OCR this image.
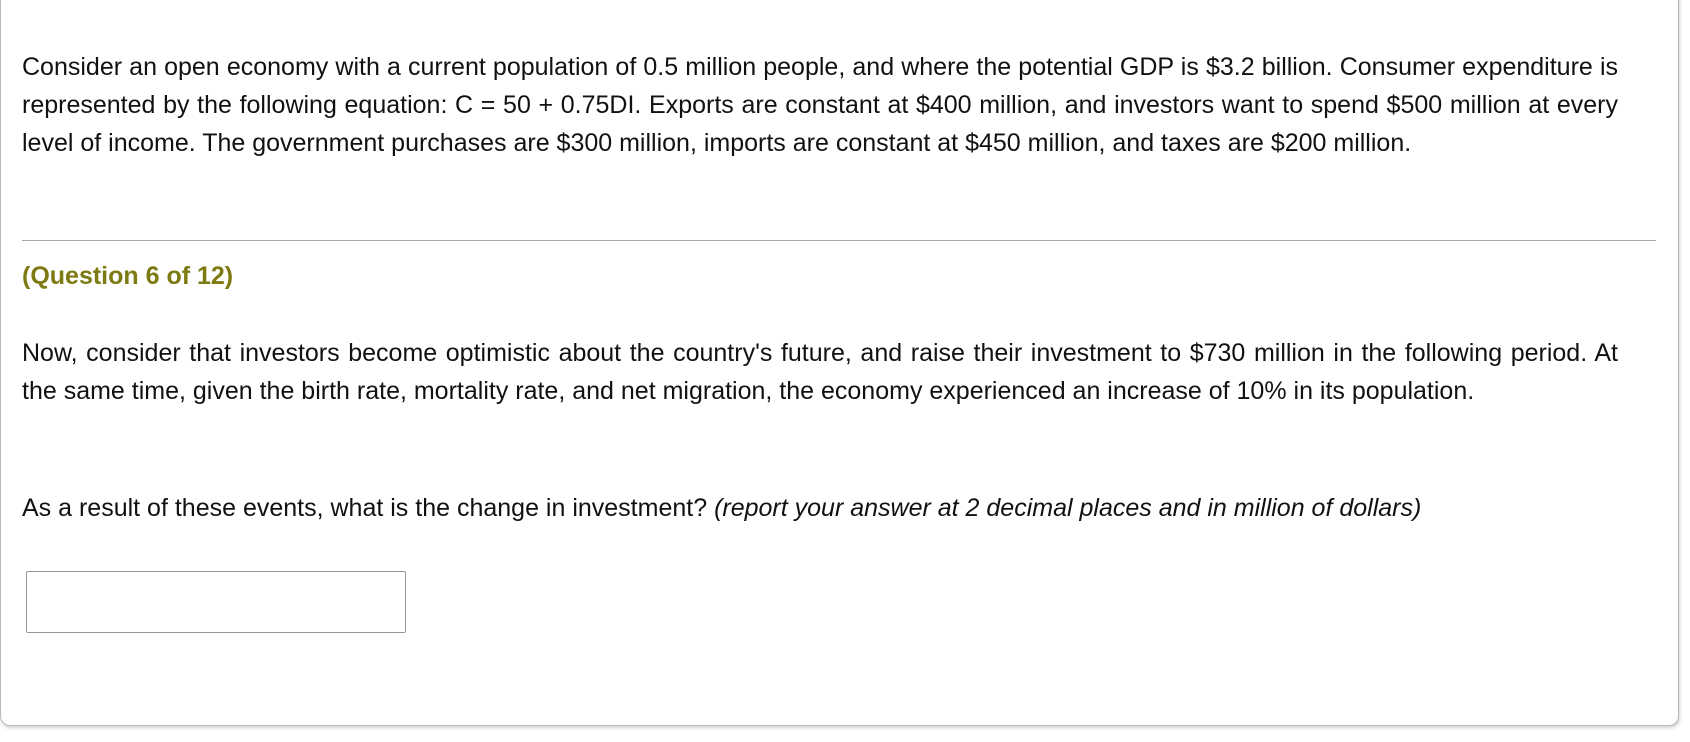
Consider an open economy with a current population of 0.5 million people, and where the potential GDP is $3.2 billion. Consumer expenditure is represented by the following equation: C = 50 + 0.75DI. Exports are constant at $400 million, and investors want to spend $500 million at every level of income. The government purchases are $300 million, imports are constant at $450 million, and taxes are $200 million.

(Question 6 of 12)

Now, consider that investors become optimistic about the country's future, and raise their investment to $730 million in the following period. At the same time, given the birth rate, mortality rate, and net migration, the economy experienced an increase of 10% in its population.

As a result of these events, what is the change in investment? (report your answer at 2 decimal places and in million of dollars)
